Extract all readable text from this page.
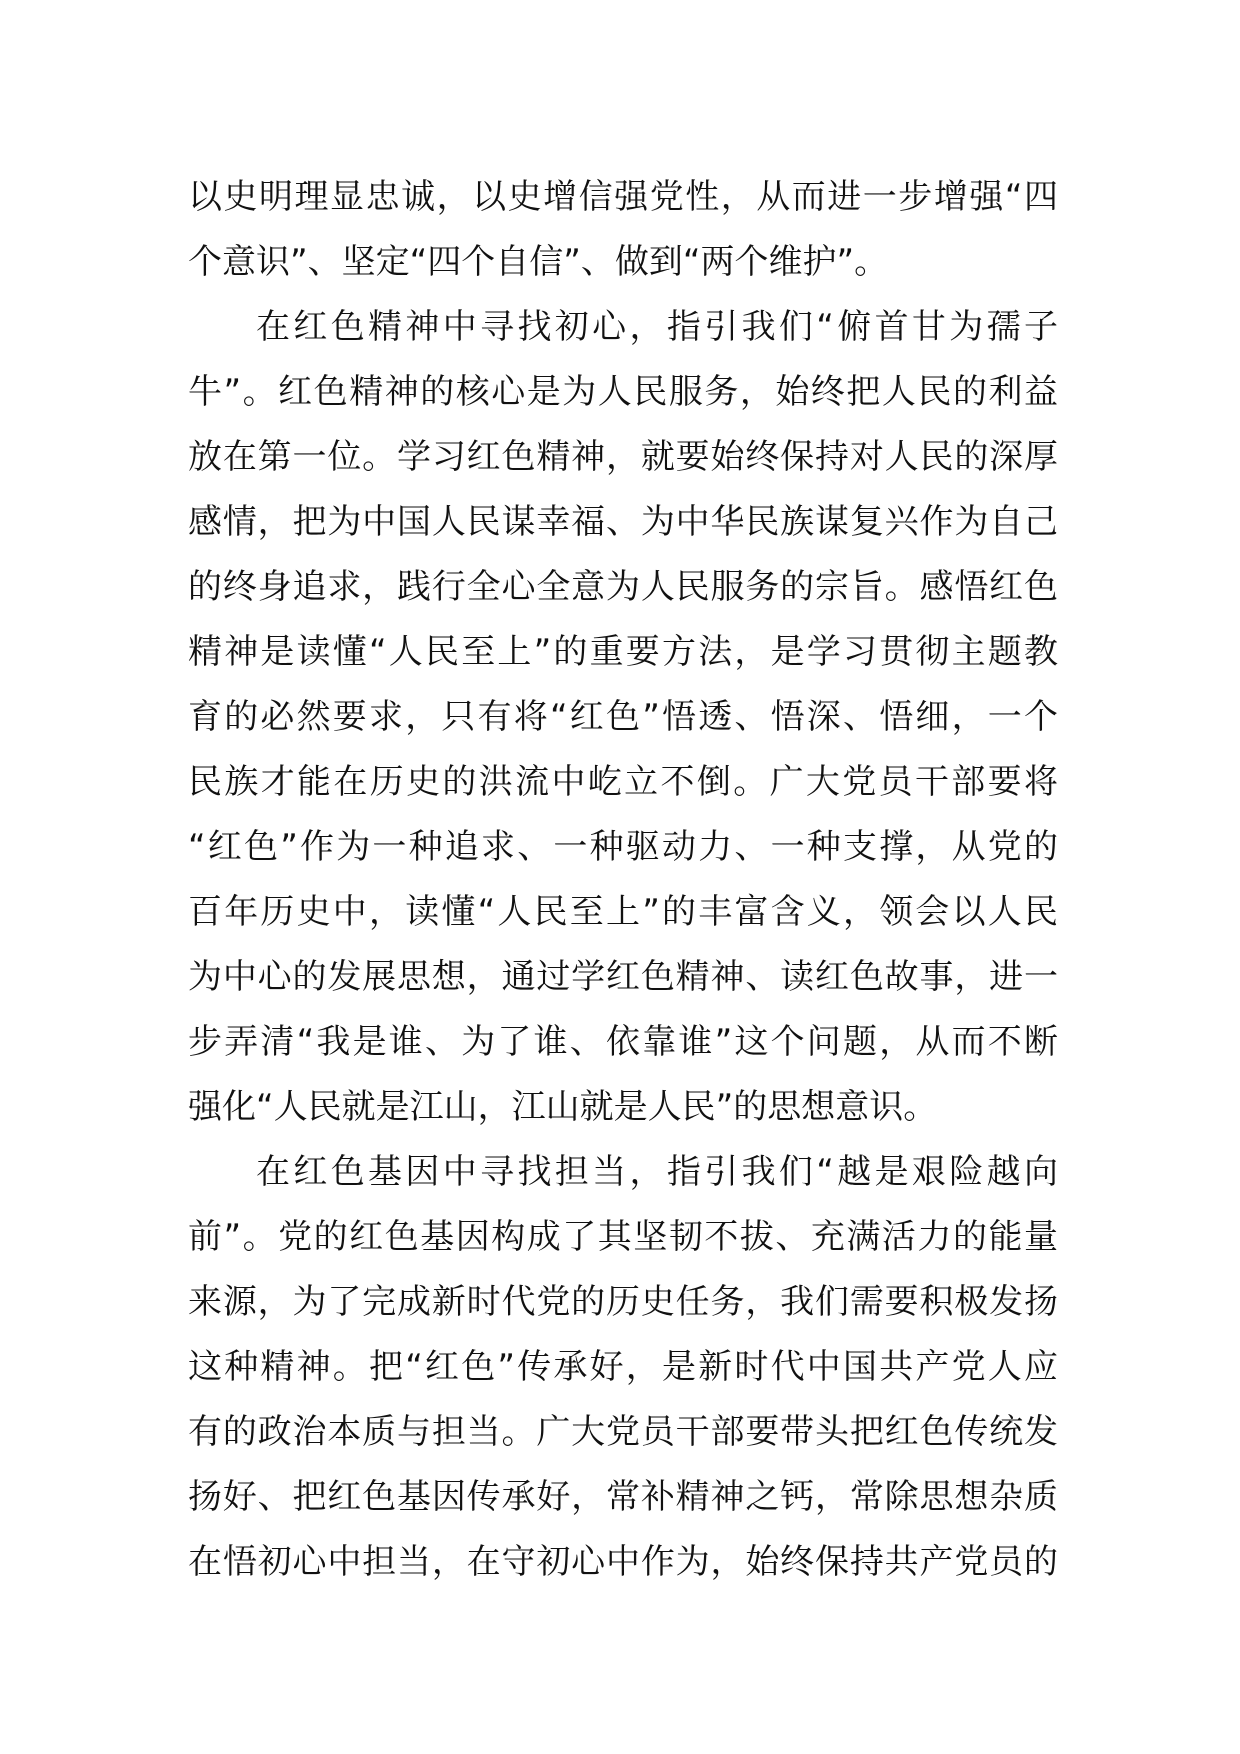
以史明理显忠诚，以史增信强党性，从而进一步增强“四
个意识”、坚定“四个自信”、做到“两个维护”。
在红色精神中寻找初心，指引我们“俯首甘为孺子
牛”。红色精神的核心是为人民服务，始终把人民的利益
放在第一位。学习红色精神，就要始终保持对人民的深厚
感情，把为中国人民谋幸福、为中华民族谋复兴作为自己
的终身追求，践行全心全意为人民服务的宗旨。感悟红色
精神是读懂“人民至上”的重要方法，是学习贯彻主题教
育的必然要求，只有将“红色”悟透、悟深、悟细，一个
民族才能在历史的洪流中屹立不倒。广大党员干部要将
“红色”作为一种追求、一种驱动力、一种支撑，从党的
百年历史中，读懂“人民至上”的丰富含义，领会以人民
为中心的发展思想，通过学红色精神、读红色故事，进一
步弄清“我是谁、为了谁、依靠谁”这个问题，从而不断
强化“人民就是江山，江山就是人民”的思想意识。
在红色基因中寻找担当，指引我们“越是艰险越向
前”。党的红色基因构成了其坚韧不拔、充满活力的能量
来源，为了完成新时代党的历史任务，我们需要积极发扬
这种精神。把“红色”传承好，是新时代中国共产党人应
有的政治本质与担当。广大党员干部要带头把红色传统发
扬好、把红色基因传承好，常补精神之钙，常除思想杂质
在悟初心中担当，在守初心中作为，始终保持共产党员的
